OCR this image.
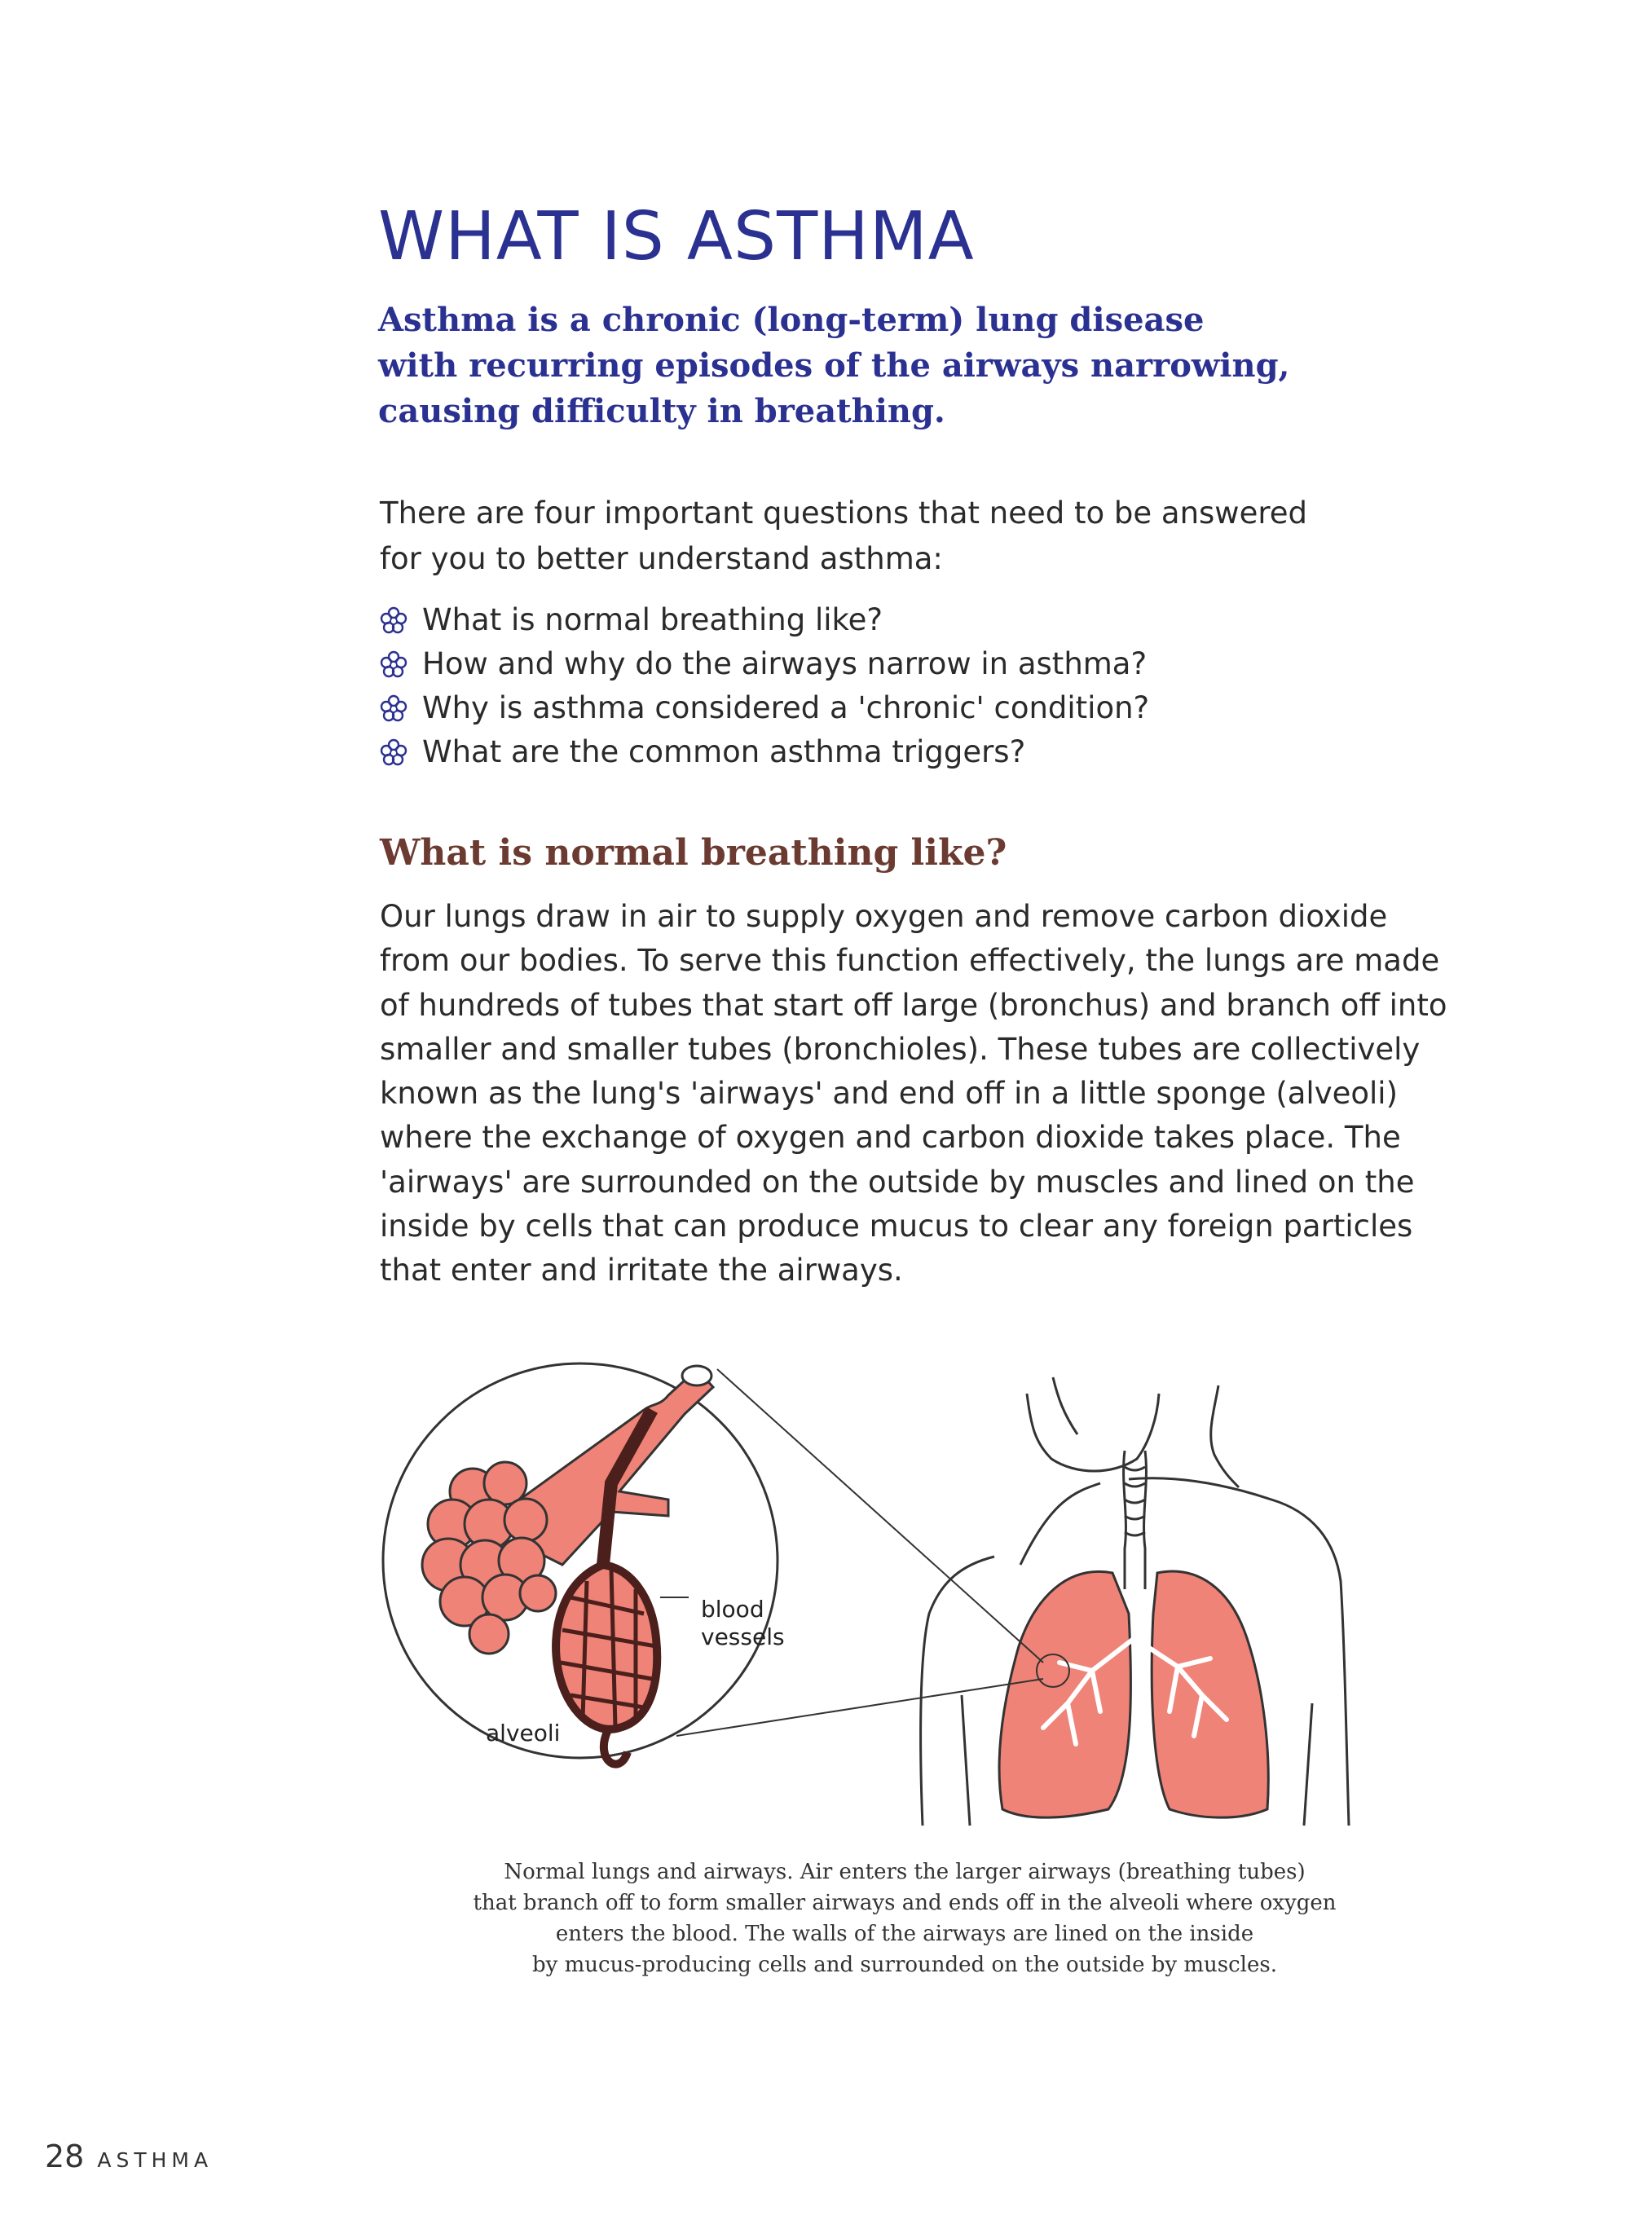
WHAT IS ASTHMA

Asthma is a chronic (long-term) lung disease
with recurring episodes of the airways narrowing,
causing difficulty in breathing.

There are four important questions that need to be answered
for you to better understand asthma:

What is normal breathing like?
How and why do the airways narrow in asthma?
Why is asthma considered a 'chronic' condition?
What are the common asthma triggers?
What is normal breathing like?

Our lungs draw in air to supply oxygen and remove carbon dioxide
from our bodies. To serve this function effectively, the lungs are made
of hundreds of tubes that start off large (bronchus) and branch off into
smaller and smaller tubes (bronchioles). These tubes are collectively
known as the lung's 'airways' and end off in a little sponge (alveoli)
where the exchange of oxygen and carbon dioxide takes place. The
'airways' are surrounded on the outside by muscles and lined on the
inside by cells that can produce mucus to clear any foreign particles
that enter and irritate the airways.

blood
vessels
alveoli

Normal lungs and airways. Air enters the larger airways (breathing tubes)
that branch off to form smaller airways and ends off in the alveoli where oxygen
enters the blood. The walls of the airways are lined on the inside
by mucus-producing cells and surrounded on the outside by muscles.

28 ASTHMA
